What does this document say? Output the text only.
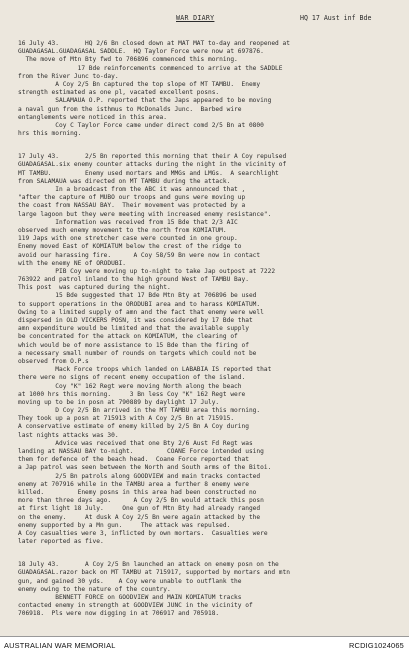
WAR DIARY	HQ 17 Aust inf Bde
16 July 43.       HQ 2/6 Bn closed down at MAT MAT to-day and reopened at
GUADAGASAL.GUADAGASAL SADDLE.  HQ Taylor Force were now at 697876.
The move of Mtn Bty fwd to 706896 commenced this morning.
17 Bde reinforcements commenced to arrive at the SADDLE
from the River Junc to-day.
A Coy 2/5 Bn captured the top slope of MT TAMBU.  Enemy
strength estimated as one pl, vacated excellent posns.
SALAMAUA O.P. reported that the Japs appeared to be moving
a naval gun from the isthmus to McDonalds Junc.  Barbed wire
entanglements were noticed in this area.
Coy C Taylor Force came under direct comd 2/5 Bn at 0800
hrs this morning.
17 July 43.       2/5 Bn reported this morning that their A Coy repulsed
GUADAGASAL.six enemy counter attacks during the night in the vicinity of
MT TAMBU.         Enemy used mortars and MMGs and LMGs.  A searchlight
from SALAMAUA was directed on MT TAMBU during the attack.
In a broadcast from the ABC it was announced that ,
"after the capture of MUBO our troops and guns were moving up
the coast from NASSAU BAY.  Their movement was protected by a
large lagoon but they were meeting with increased enemy resistance".
Information was received from 15 Bde that 2/3 AIC
observed much enemy movement to the north from KOMIATUM.
119 Japs with one stretcher case were counted in one group.
Enemy moved East of KOMIATUM below the crest of the ridge to
avoid our harassing fire.      A Coy 58/59 Bn were now in contact
with the enemy NE of ORODUBI.
PIB Coy were moving up to-night to take Jap outpost at 7222
763922 and patrol inland to the high ground West of TAMBU Bay.
This post  was captured during the night.
15 Bde suggested that 17 Bde Mtn Bty at 706896 be used
to support operations in the ORODUBI area and to harass KOMIATUM.
Owing to a limited supply of amn and the fact that enemy were well
dispersed in OLD VICKERS POSN, it was considered by 17 Bde that
amn expenditure would be limited and that the available supply
be concentrated for the attack on KOMIATUM, the clearing of
which would be of more assistance to 15 Bde than the firing of
a necessary small number of rounds on targets which could not be
observed from O.P.s
Mack Force troops which landed on LABABIA IS reported that
there were no signs of recent enemy occupation of the island.
Coy "K" 162 Regt were moving North along the beach
at 1000 hrs this morning.     3 Bn less Coy "K" 162 Regt were
moving up to be in posn at 790889 by daylight 17 July.
D Coy 2/5 Bn arrived in the MT TAMBU area this morning.
They took up a posn at 715913 with A Coy 2/5 Bn at 715915.
A conservative estimate of enemy killed by 2/5 Bn A Coy during
last nights attacks was 30.
Advice was received that one Bty 2/6 Aust Fd Regt was
landing at NASSAU BAY to-night.         COANE Force intended using
them for defence of the beach head.  Coane Force reported that
a Jap patrol was seen between the North and South arms of the Bitoi.
2/5 Bn patrols along GOODVIEW and main tracks contacted
enemy at 707916 while in the TAMBU area a further 8 enemy were
killed.         Enemy posns in this area had been constructed no
more than three days ago.      A Coy 2/5 Bn would attack this posn
at first light 18 July.     One gun of Mtn Bty had already ranged
on the enemy.     At dusk A Coy 2/5 Bn were again attacked by the
enemy supported by a Mn gun.     The attack was repulsed.
A Coy casualties were 3, inflicted by own mortars.  Casualties were
later reported as five.
18 July 43.       A Coy 2/5 Bn launched an attack on enemy posn on the
GUADAGASAL.razor back on MT TAMBU at 715917, supported by mortars and mtn
gun, and gained 30 yds.    A Coy were unable to outflank the
enemy owing to the nature of the country.
BENNETT FORCE on GOODVIEW and MAIN KOMIATUM tracks
contacted enemy in strength at GOODVIEW JUNC in the vicinity of
706918.  Pls were now digging in at 706917 and 705918.
AUSTRALIAN WAR MEMORIAL	RCDIG1024065
